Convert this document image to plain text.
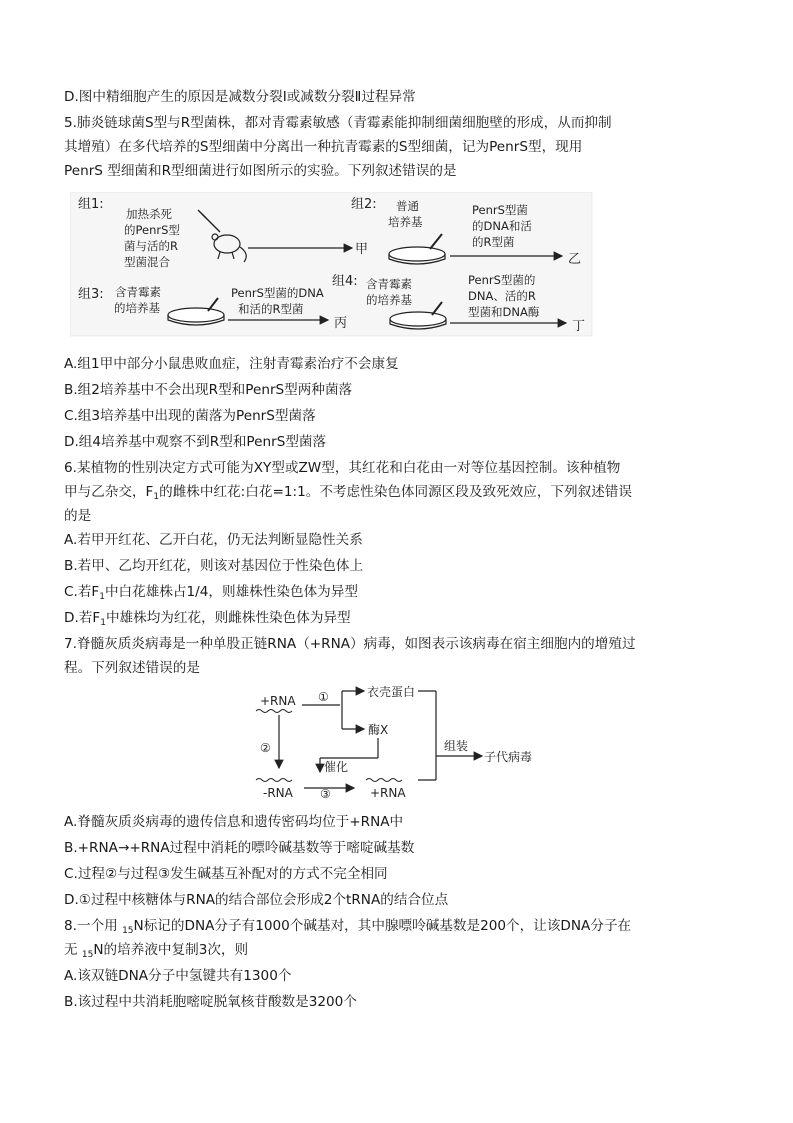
D.图中精细胞产生的原因是减数分裂Ⅰ或减数分裂Ⅱ过程异常
5.肺炎链球菌S型与R型菌株，都对青霉素敏感（青霉素能抑制细菌细胞壁的形成，从而抑制
其增殖）在多代培养的S型细菌中分离出一种抗青霉素的S型细菌，记为PenrS型，现用
PenrS 型细菌和R型细菌进行如图所示的实验。下列叙述错误的是
组1:
加热杀死
的PenrS型
菌与活的R
型菌混合
甲
组2: 普通
培养基
PenrS型菌
的DNA和活
的R型菌
乙
组3: 含青霉素
的培养基
PenrS型菌的DNA
和活的R型菌
丙
组4: 含青霉素
的培养基
PenrS型菌的
DNA、活的R
型菌和DNA酶
丁
A.组1甲中部分小鼠患败血症，注射青霉素治疗不会康复
B.组2培养基中不会出现R型和PenrS型两种菌落
C.组3培养基中出现的菌落为PenrS型菌落
D.组4培养基中观察不到R型和PenrS型菌落
6.某植物的性别决定方式可能为XY型或ZW型，其红花和白花由一对等位基因控制。该种植物
甲与乙杂交，$F_1$的雌株中红花:白花=1:1。不考虑性染色体同源区段及致死效应，下列叙述错误
的是
A.若甲开红花、乙开白花，仍无法判断显隐性关系
B.若甲、乙均开红花，则该对基因位于性染色体上
C.若$F_1$中白花雄株占1/4，则雄株性染色体为异型
D.若$F_1$中雄株均为红花，则雌株性染色体为异型
7.脊髓灰质炎病毒是一种单股正链RNA（+RNA）病毒，如图表示该病毒在宿主细胞内的增殖过
程。下列叙述错误的是
+RNA ①	衣壳蛋白
酶X
催化
②
-RNA ③	+RNA
组装
子代病毒
A.脊髓灰质炎病毒的遗传信息和遗传密码均位于+RNA中
B.+RNA→+RNA过程中消耗的嘌呤碱基数等于嘧啶碱基数
C.过程②与过程③发生碱基互补配对的方式不完全相同
D.①过程中核糖体与RNA的结合部位会形成2个tRNA的结合位点
8.一个用 $_{15}$N标记的DNA分子有1000个碱基对，其中腺嘌呤碱基数是200个，让该DNA分子在
无 $_{15}$N的培养液中复制3次，则
A.该双链DNA分子中氢键共有1300个
B.该过程中共消耗胞嘧啶脱氧核苷酸数是3200个
